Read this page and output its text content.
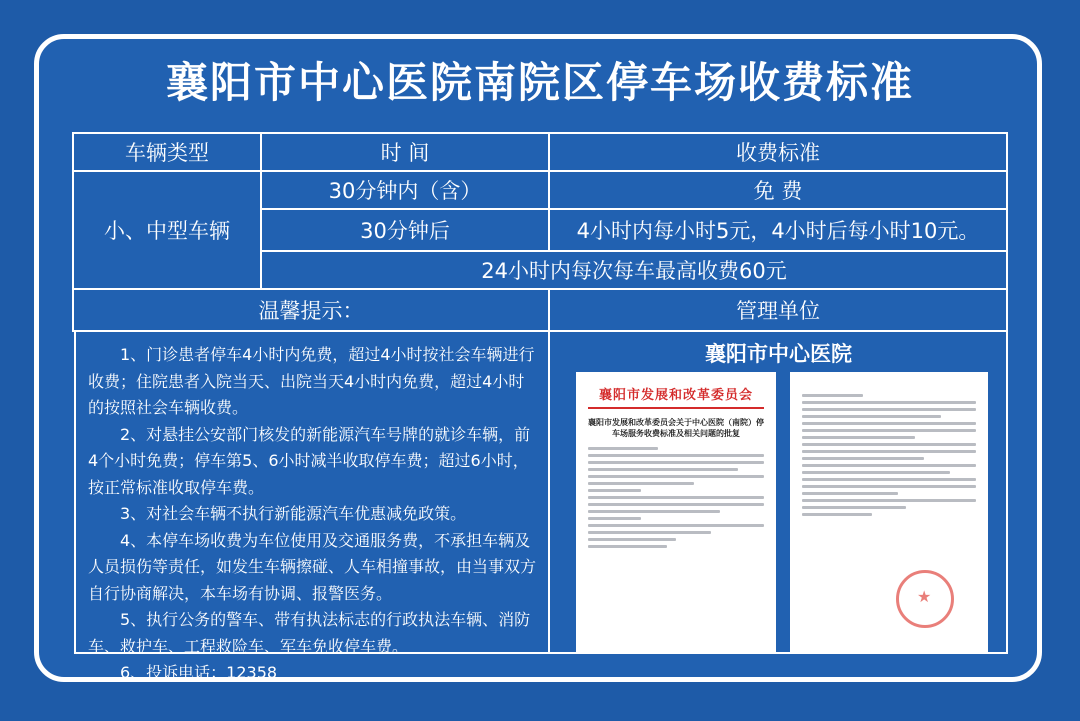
襄阳市中心医院南院区停车场收费标准
车辆类型	时 间	收费标准
小、中型车辆
30分钟内（含）	免 费
30分钟后	4小时内每小时5元，4小时后每小时10元。
24小时内每次每车最高收费60元
温馨提示：	管理单位

1、门诊患者停车4小时内免费，超过4小时按社会车辆进行收费；住院患者入院当天、出院当天4小时内免费，超过4小时的按照社会车辆收费。

2、对悬挂公安部门核发的新能源汽车号牌的就诊车辆，前4个小时免费；停车第5、6小时减半收取停车费；超过6小时，按正常标准收取停车费。

3、对社会车辆不执行新能源汽车优惠减免政策。

4、本停车场收费为车位使用及交通服务费，不承担车辆及人员损伤等责任，如发生车辆擦碰、人车相撞事故，由当事双方自行协商解决，本车场有协调、报警医务。

5、执行公务的警车、带有执法标志的行政执法车辆、消防车、救护车、工程救险车、军车免收停车费。

6、投诉电话：12358

襄阳市中心医院
襄阳市发展和改革委员会
襄阳市发展和改革委员会关于中心医院（南院）停车场服务收费标准及相关问题的批复
★
